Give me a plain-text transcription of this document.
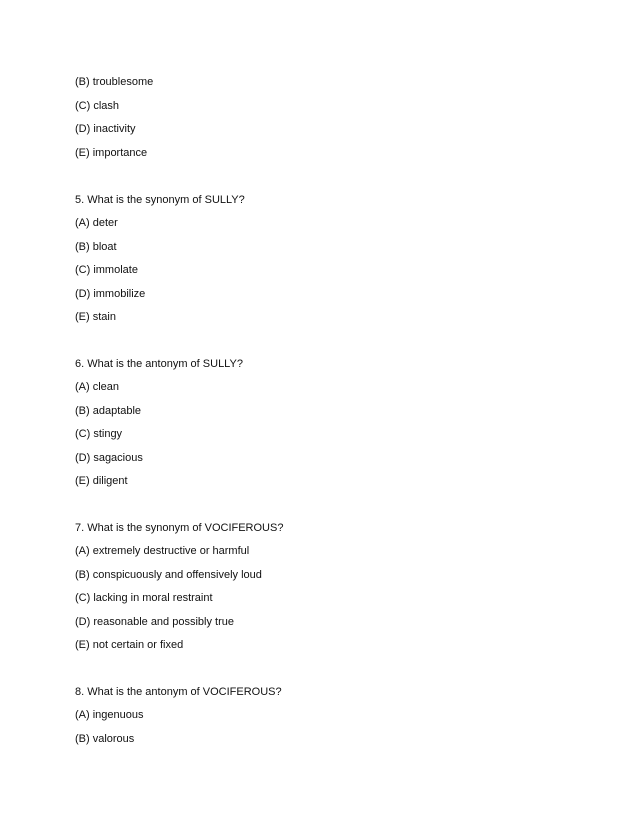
(B) troublesome
(C) clash
(D) inactivity
(E) importance
5. What is the synonym of SULLY?
(A) deter
(B) bloat
(C) immolate
(D) immobilize
(E) stain
6. What is the antonym of SULLY?
(A) clean
(B) adaptable
(C) stingy
(D) sagacious
(E) diligent
7. What is the synonym of VOCIFEROUS?
(A) extremely destructive or harmful
(B) conspicuously and offensively loud
(C) lacking in moral restraint
(D) reasonable and possibly true
(E) not certain or fixed
8. What is the antonym of VOCIFEROUS?
(A) ingenuous
(B) valorous
